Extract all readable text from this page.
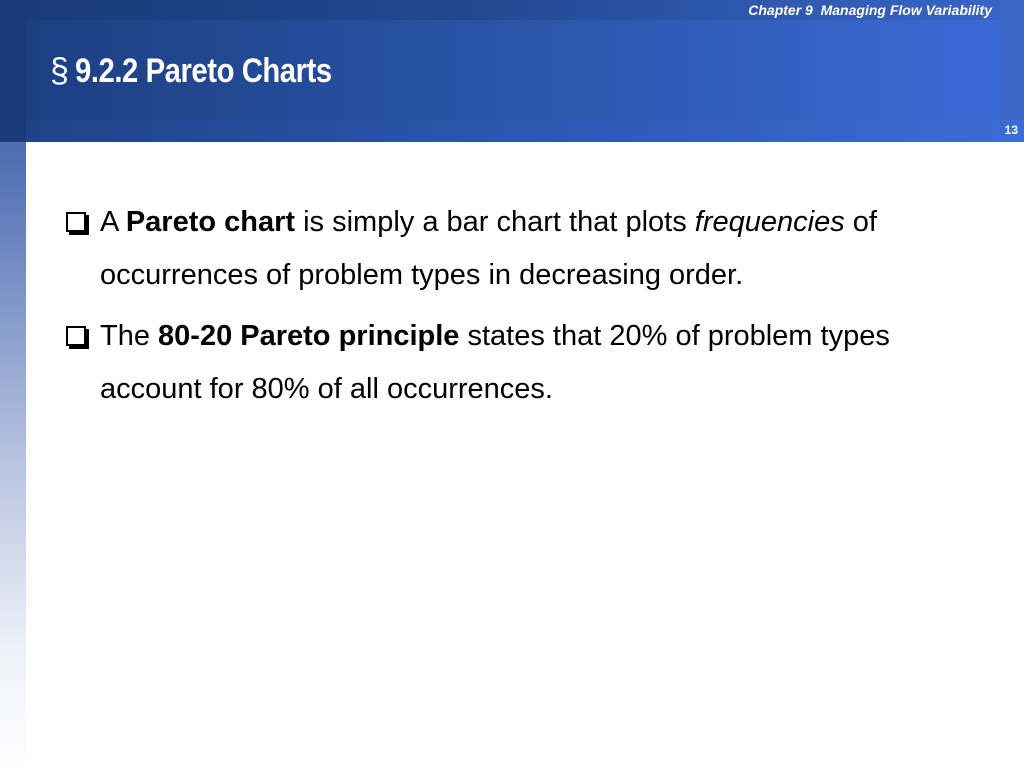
Chapter 9  Managing Flow Variability
§ 9.2.2 Pareto Charts
13
A Pareto chart is simply a bar chart that plots frequencies of occurrences of problem types in decreasing order.
The 80-20 Pareto principle states that 20% of problem types account for 80% of all occurrences.
